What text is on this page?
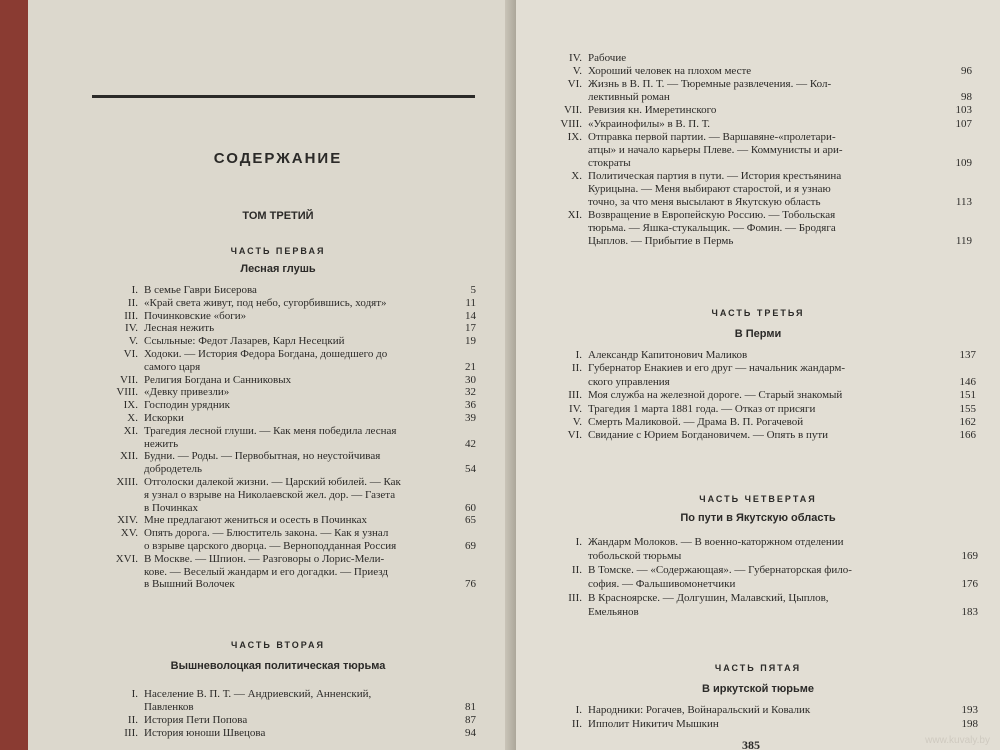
СОДЕРЖАНИЕ
ТОМ ТРЕТИЙ
ЧАСТЬ ПЕРВАЯ
Лесная глушь
I. В семье Гаври Бисерова	5
II. «Край света живут, под небо, сугорбившись, ходят»	11
III. Починковские «боги»	14
IV. Лесная нежить	17
V. Ссыльные: Федот Лазарев, Карл Несецкий	19
VI. Ходоки. — История Федора Богдана, дошедшего до
самого царя	21
VII. Религия Богдана и Санниковых	30
VIII. «Девку привезли»	32
IX. Господин урядник	36
X. Искорки	39
XI. Трагедия лесной глуши. — Как меня победила лесная
нежить	42
XII. Будни. — Роды. — Первобытная, но неустойчивая
добродетель	54
XIII. Отголоски далекой жизни. — Царский юбилей. — Как
я узнал о взрыве на Николаевской жел. дор. — Газета
в Починках	60
XIV. Мне предлагают жениться и осесть в Починках	65
XV. Опять дорога. — Блюститель закона. — Как я узнал
о взрыве царского дворца. — Верноподданная Россия	69
XVI. В Москве. — Шпион. — Разговоры о Лорис-Мели-
кове. — Веселый жандарм и его догадки. — Приезд
в Вышний Волочек	76
ЧАСТЬ ВТОРАЯ
Вышневолоцкая политическая тюрьма
I. Население В. П. Т. — Андриевский, Анненский,
Павленков	81
II. История Пети Попова	87
III. История юноши Швецова	94
IV. Рабочие
V. Хороший человек на плохом месте	96
VI. Жизнь в В. П. Т. — Тюремные развлечения. — Кол-
лективный роман	98
VII. Ревизия кн. Имеретинского	103
VIII. «Украинофилы» в В. П. Т.	107
IX. Отправка первой партии. — Варшавяне-«пролетари-
атцы» и начало карьеры Плеве. — Коммунисты и ари-
стократы	109
X. Политическая партия в пути. — История крестьянина
Курицына. — Меня выбирают старостой, и я узнаю
точно, за что меня высылают в Якутскую область	113
XI. Возвращение в Европейскую Россию. — Тобольская
тюрьма. — Яшка-стукальщик. — Фомин. — Бродяга
Цыплов. — Прибытие в Пермь	119
ЧАСТЬ ТРЕТЬЯ
В Перми
I. Александр Капитонович Маликов	137
II. Губернатор Енакиев и его друг — начальник жандарм-
ского управления	146
III. Моя служба на железной дороге. — Старый знакомый	151
IV. Трагедия 1 марта 1881 года. — Отказ от присяги	155
V. Смерть Маликовой. — Драма В. П. Рогачевой	162
VI. Свидание с Юрием Богдановичем. — Опять в пути	166
ЧАСТЬ ЧЕТВЕРТАЯ
По пути в Якутскую область
I. Жандарм Молоков. — В военно-каторжном отделении
тобольской тюрьмы	169
II. В Томске. — «Содержающая». — Губернаторская фило-
софия. — Фальшивомонетчики	176
III. В Красноярске. — Долгушин, Малавский, Цыплов,
Емельянов	183
ЧАСТЬ ПЯТАЯ
В иркутской тюрьме
I. Народники: Рогачев, Войнаральский и Ковалик	193
II. Ипполит Никитич Мышкин	198
385	www.kuvaly.by
